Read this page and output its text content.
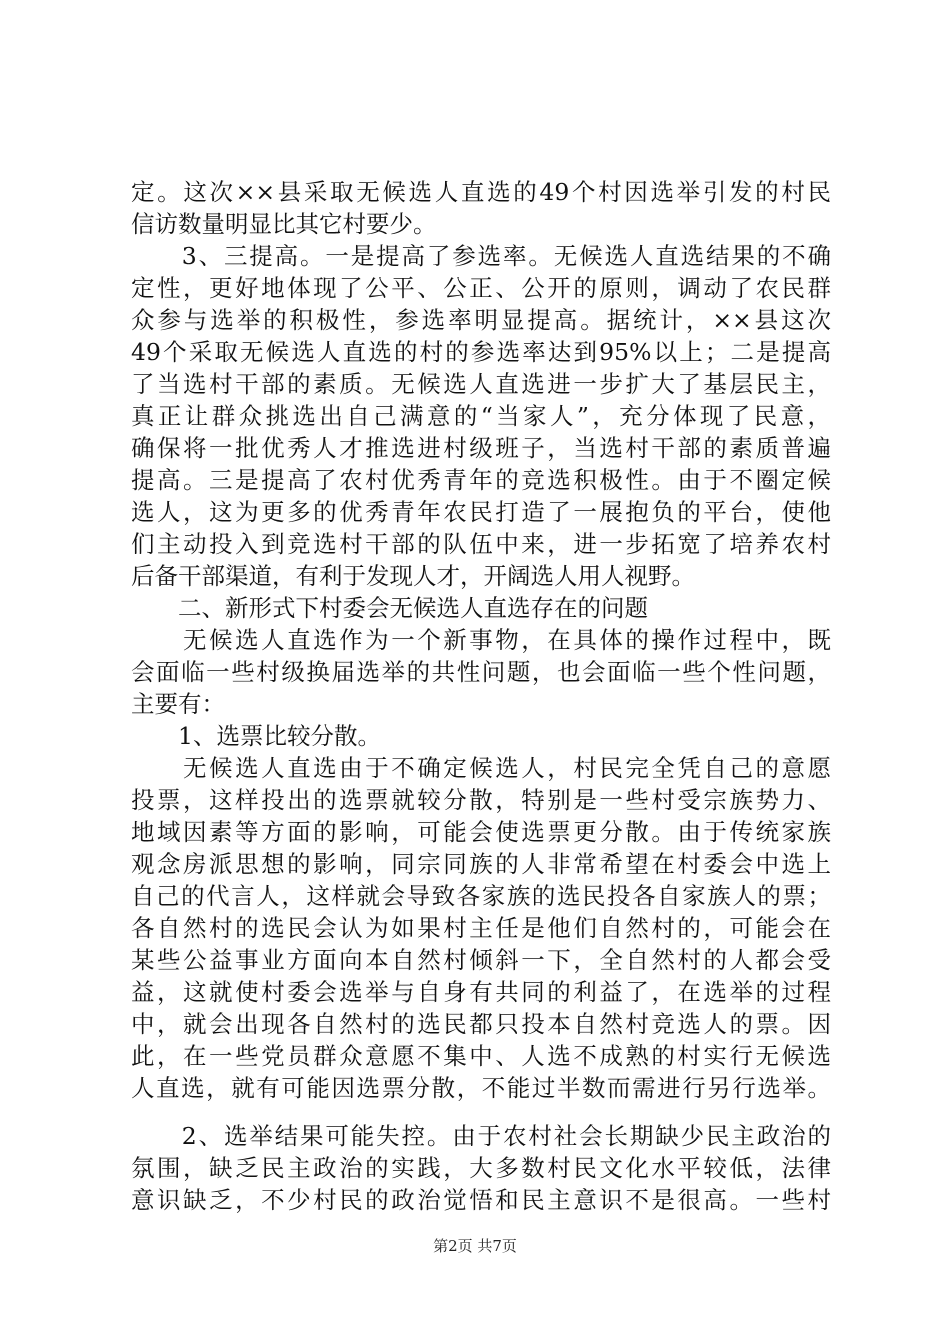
定。这次××县采取无候选人直选的49个村因选举引发的村民
信访数量明显比其它村要少。
　　3、三提高。一是提高了参选率。无候选人直选结果的不确
定性，更好地体现了公平、公正、公开的原则，调动了农民群
众参与选举的积极性，参选率明显提高。据统计，××县这次
49个采取无候选人直选的村的参选率达到95%以上；二是提高
了当选村干部的素质。无候选人直选进一步扩大了基层民主，
真正让群众挑选出自己满意的“当家人”，充分体现了民意，
确保将一批优秀人才推选进村级班子，当选村干部的素质普遍
提高。三是提高了农村优秀青年的竞选积极性。由于不圈定候
选人，这为更多的优秀青年农民打造了一展抱负的平台，使他
们主动投入到竞选村干部的队伍中来，进一步拓宽了培养农村
后备干部渠道，有利于发现人才，开阔选人用人视野。
　　二、新形式下村委会无候选人直选存在的问题
　　无候选人直选作为一个新事物，在具体的操作过程中，既
会面临一些村级换届选举的共性问题，也会面临一些个性问题，
主要有：
　　1、选票比较分散。
　　无候选人直选由于不确定候选人，村民完全凭自己的意愿
投票，这样投出的选票就较分散，特别是一些村受宗族势力、
地域因素等方面的影响，可能会使选票更分散。由于传统家族
观念房派思想的影响，同宗同族的人非常希望在村委会中选上
自己的代言人，这样就会导致各家族的选民投各自家族人的票；
各自然村的选民会认为如果村主任是他们自然村的，可能会在
某些公益事业方面向本自然村倾斜一下，全自然村的人都会受
益，这就使村委会选举与自身有共同的利益了，在选举的过程
中，就会出现各自然村的选民都只投本自然村竞选人的票。因
此，在一些党员群众意愿不集中、人选不成熟的村实行无候选
人直选，就有可能因选票分散，不能过半数而需进行另行选举。
　　2、选举结果可能失控。由于农村社会长期缺少民主政治的
氛围，缺乏民主政治的实践，大多数村民文化水平较低，法律
意识缺乏，不少村民的政治觉悟和民主意识不是很高。一些村
第2页 共7页
